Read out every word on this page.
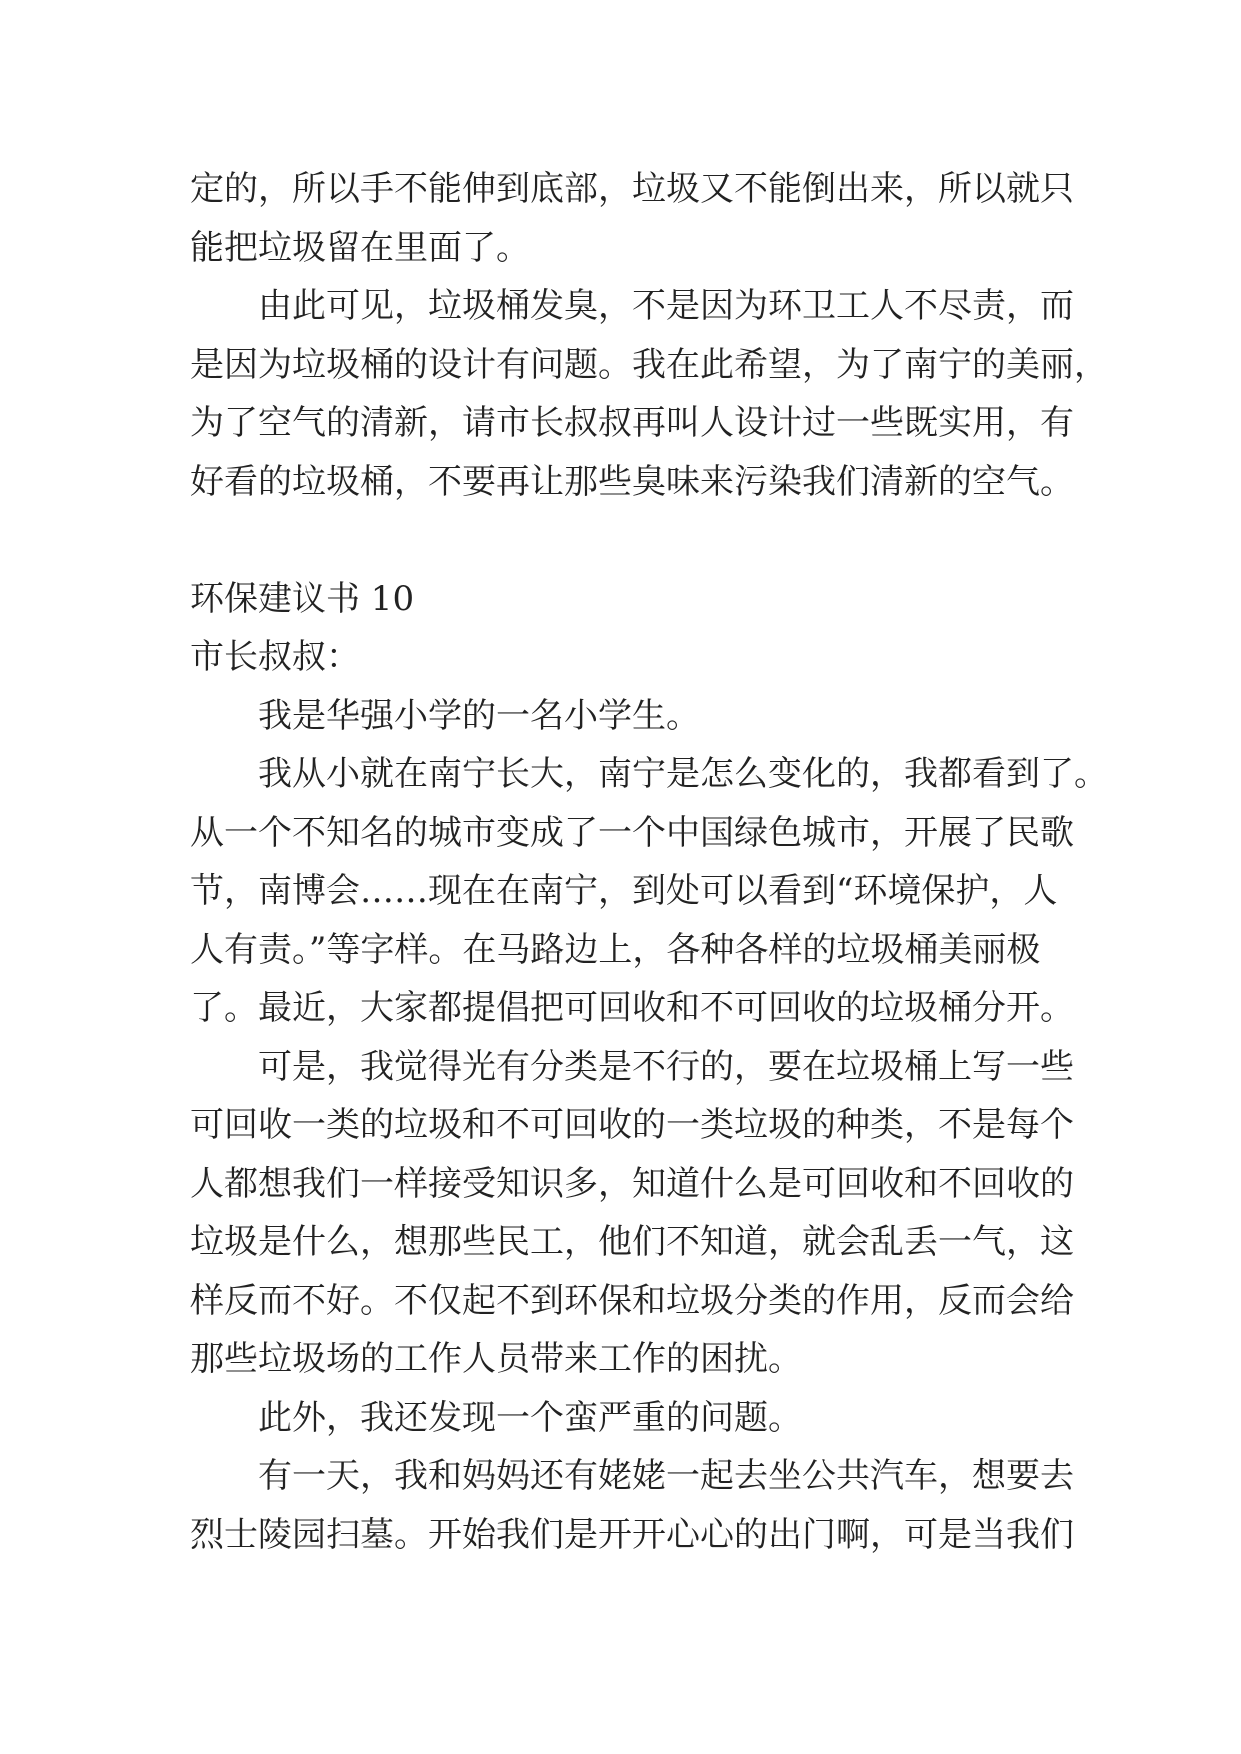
定的，所以手不能伸到底部，垃圾又不能倒出来，所以就只

能把垃圾留在里面了。

由此可见，垃圾桶发臭，不是因为环卫工人不尽责，而

是因为垃圾桶的设计有问题。我在此希望，为了南宁的美丽，

为了空气的清新，请市长叔叔再叫人设计过一些既实用，有

好看的垃圾桶，不要再让那些臭味来污染我们清新的空气。

环保建议书 10

市长叔叔：

我是华强小学的一名小学生。

我从小就在南宁长大，南宁是怎么变化的，我都看到了。

从一个不知名的城市变成了一个中国绿色城市，开展了民歌

节，南博会……现在在南宁，到处可以看到“环境保护，人

人有责。”等字样。在马路边上，各种各样的垃圾桶美丽极

了。最近，大家都提倡把可回收和不可回收的垃圾桶分开。

可是，我觉得光有分类是不行的，要在垃圾桶上写一些

可回收一类的垃圾和不可回收的一类垃圾的种类，不是每个

人都想我们一样接受知识多，知道什么是可回收和不回收的

垃圾是什么，想那些民工，他们不知道，就会乱丢一气，这

样反而不好。不仅起不到环保和垃圾分类的作用，反而会给

那些垃圾场的工作人员带来工作的困扰。

此外，我还发现一个蛮严重的问题。

有一天，我和妈妈还有姥姥一起去坐公共汽车，想要去

烈士陵园扫墓。开始我们是开开心心的出门啊，可是当我们
